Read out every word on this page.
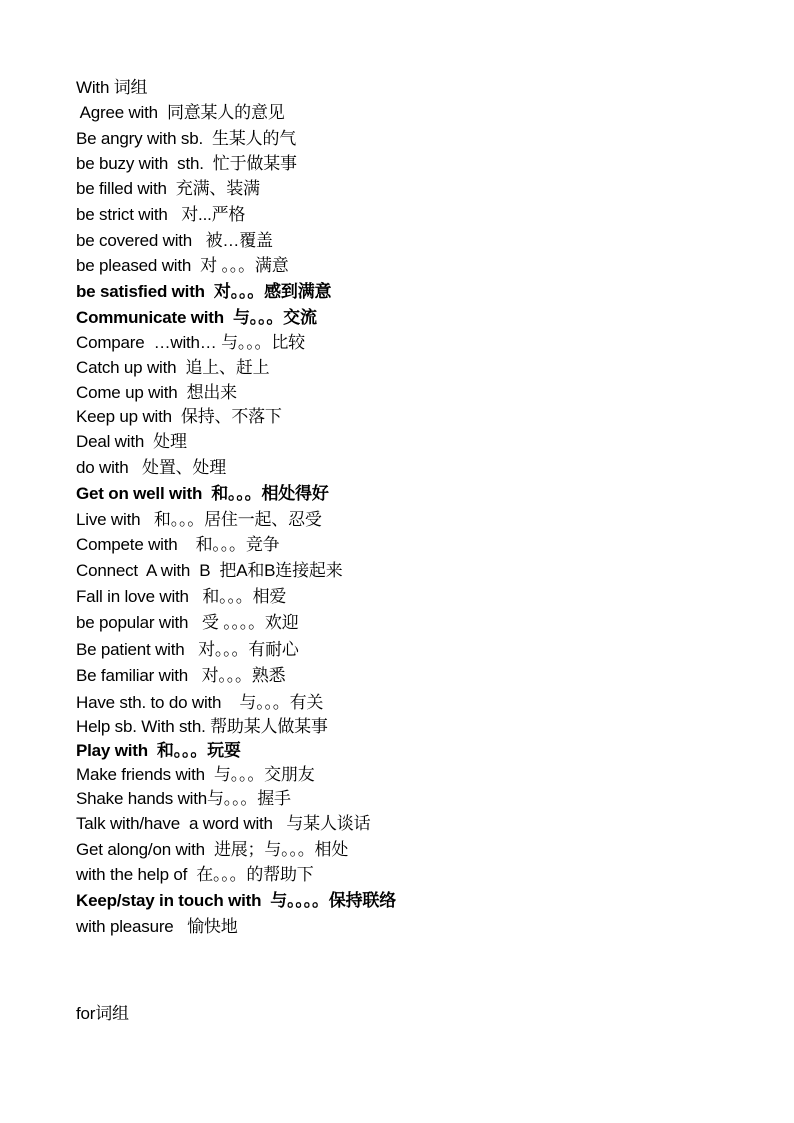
With 词组
Agree with  同意某人的意见
Be angry with sb.  生某人的气
be buzy with  sth.  忙于做某事
be filled with  充满、装满
be strict with   对...严格
be covered with   被…覆盖
be pleased with  对 。。。满意
be satisfied with  对。。。感到满意
Communicate with  与。。。交流
Compare  …with… 与。。。比较
Catch up with  追上、赶上
Come up with  想出来
Keep up with  保持、不落下
Deal with  处理
do with   处置、处理
Get on well with  和。。。相处得好
Live with   和。。。居住一起、忍受
Compete with    和。。。竞争
Connect  A with  B  把A和B连接起来
Fall in love with   和。。。相爱
be popular with   受 。。。。欢迎
Be patient with   对。。。有耐心
Be familiar with   对。。。熟悉
Have sth. to do with    与。。。有关
Help sb. With sth. 帮助某人做某事
Play with  和。。。玩耍
Make friends with  与。。。交朋友
Shake hands with与。。。握手
Talk with/have  a word with   与某人谈话
Get along/on with  进展；与。。。相处
with the help of  在。。。的帮助下
Keep/stay in touch with  与。。。。保持联络
with pleasure   愉快地
for词组
